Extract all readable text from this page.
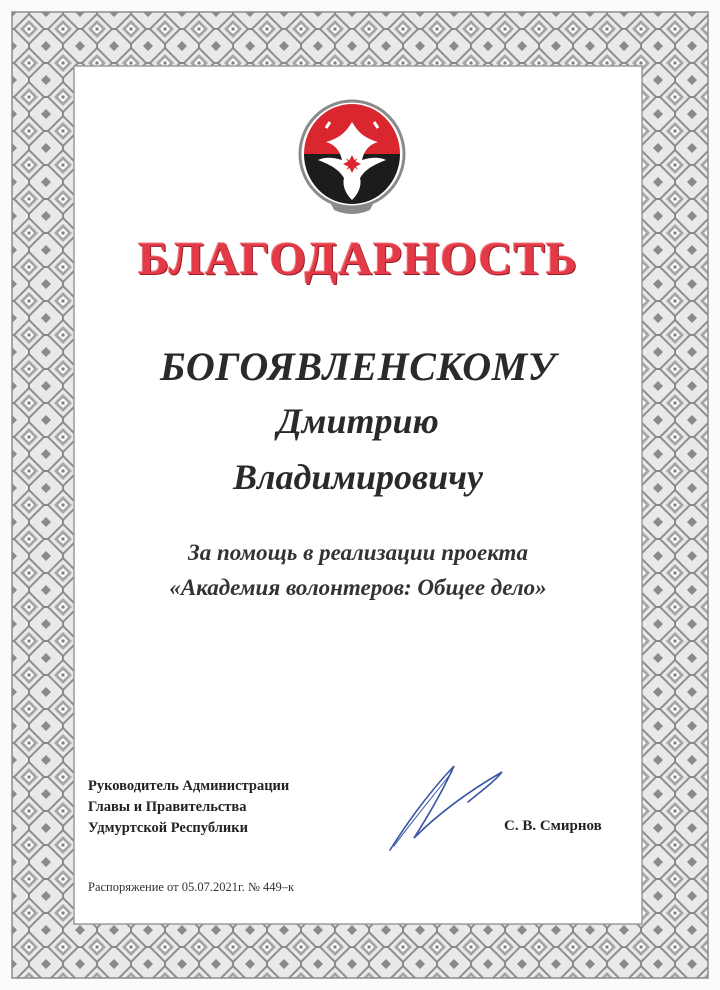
БЛАГОДАРНОСТЬ
БОГОЯВЛЕНСКОМУ
Дмитрию
Владимировичу
За помощь в реализации проекта
«Академия волонтеров: Общее дело»
Руководитель Администрации
Главы и Правительства
Удмуртской Республики	С. В. Смирнов
Распоряжение от 05.07.2021г. № 449–к
